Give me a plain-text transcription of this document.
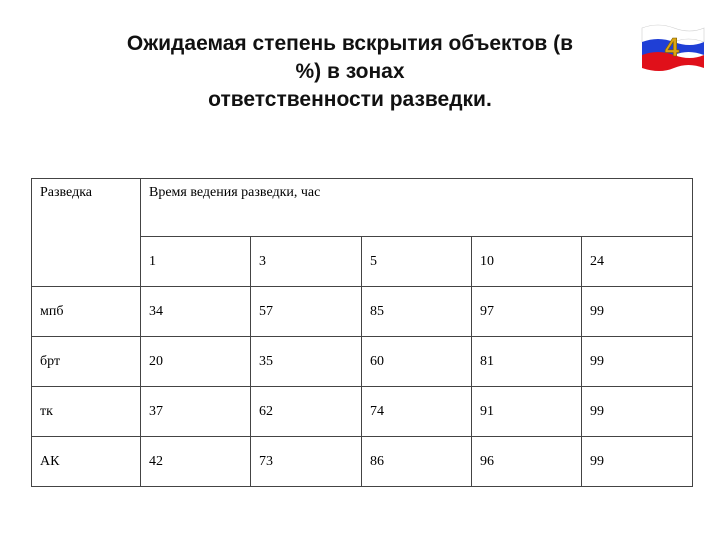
Ожидаемая степень вскрытия объектов (в
%) в зонах
ответственности разведки.
4
Разведка	Время ведения разведки, час				
	1	3	5	10	24
мпб	34	57	85	97	99
брт	20	35	60	81	99
тк	37	62	74	91	99
АК	42	73	86	96	99
